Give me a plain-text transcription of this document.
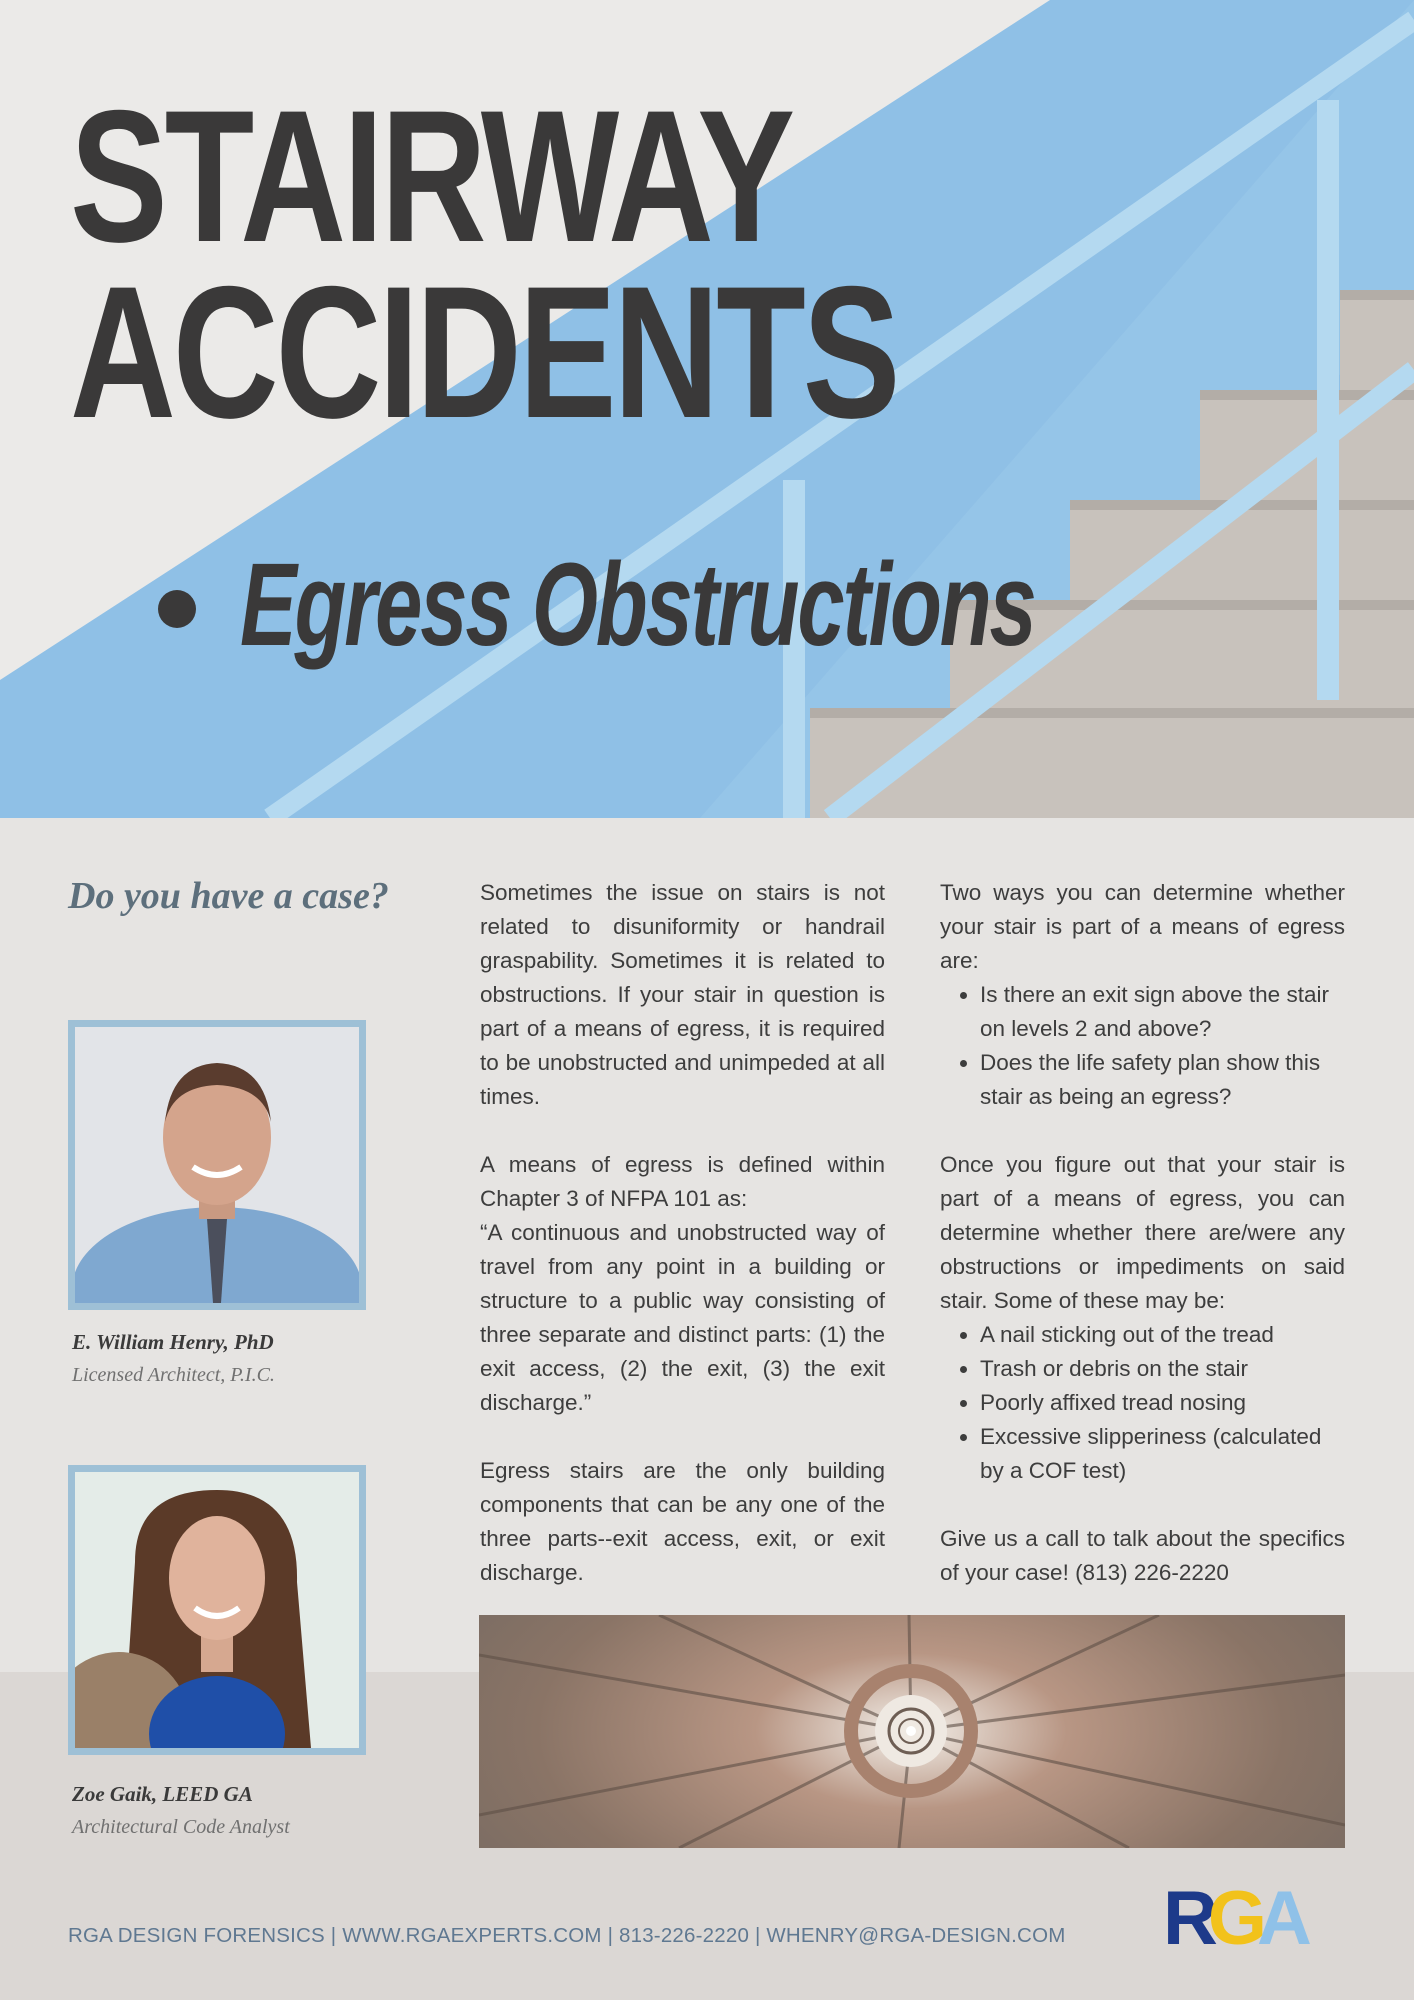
STAIRWAY
ACCIDENTS
Egress Obstructions
Do you have a case?

E. William Henry, PhD

Licensed Architect, P.I.C.

Zoe Gaik, LEED GA

Architectural Code Analyst

Sometimes the issue on stairs is not related to disuniformity or handrail graspability. Sometimes it is related to obstructions. If your stair in question is part of a means of egress, it is required to be unobstructed and unimpeded at all times.

A means of egress is defined within Chapter 3 of NFPA 101 as:

“A continuous and unobstructed way of travel from any point in a building or structure to a public way consisting of three separate and distinct parts: (1) the exit access, (2) the exit, (3) the exit discharge.”

Egress stairs are the only building components that can be any one of the three parts--exit access, exit, or exit discharge.

Two ways you can determine whether your stair is part of a means of egress are:

• Is there an exit sign above the stair on levels 2 and above?
• Does the life safety plan show this stair as being an egress?

Once you figure out that your stair is part of a means of egress, you can determine whether there are/were any obstructions or impediments on said stair. Some of these may be:

• A nail sticking out of the tread
• Trash or debris on the stair
• Poorly affixed tread nosing
• Excessive slipperiness (calculated by a COF test)

Give us a call to talk about the specifics of your case! (813) 226-2220

RGA DESIGN FORENSICS | WWW.RGAEXPERTS.COM | 813-226-2220 | WHENRY@RGA-DESIGN.COM RGA
